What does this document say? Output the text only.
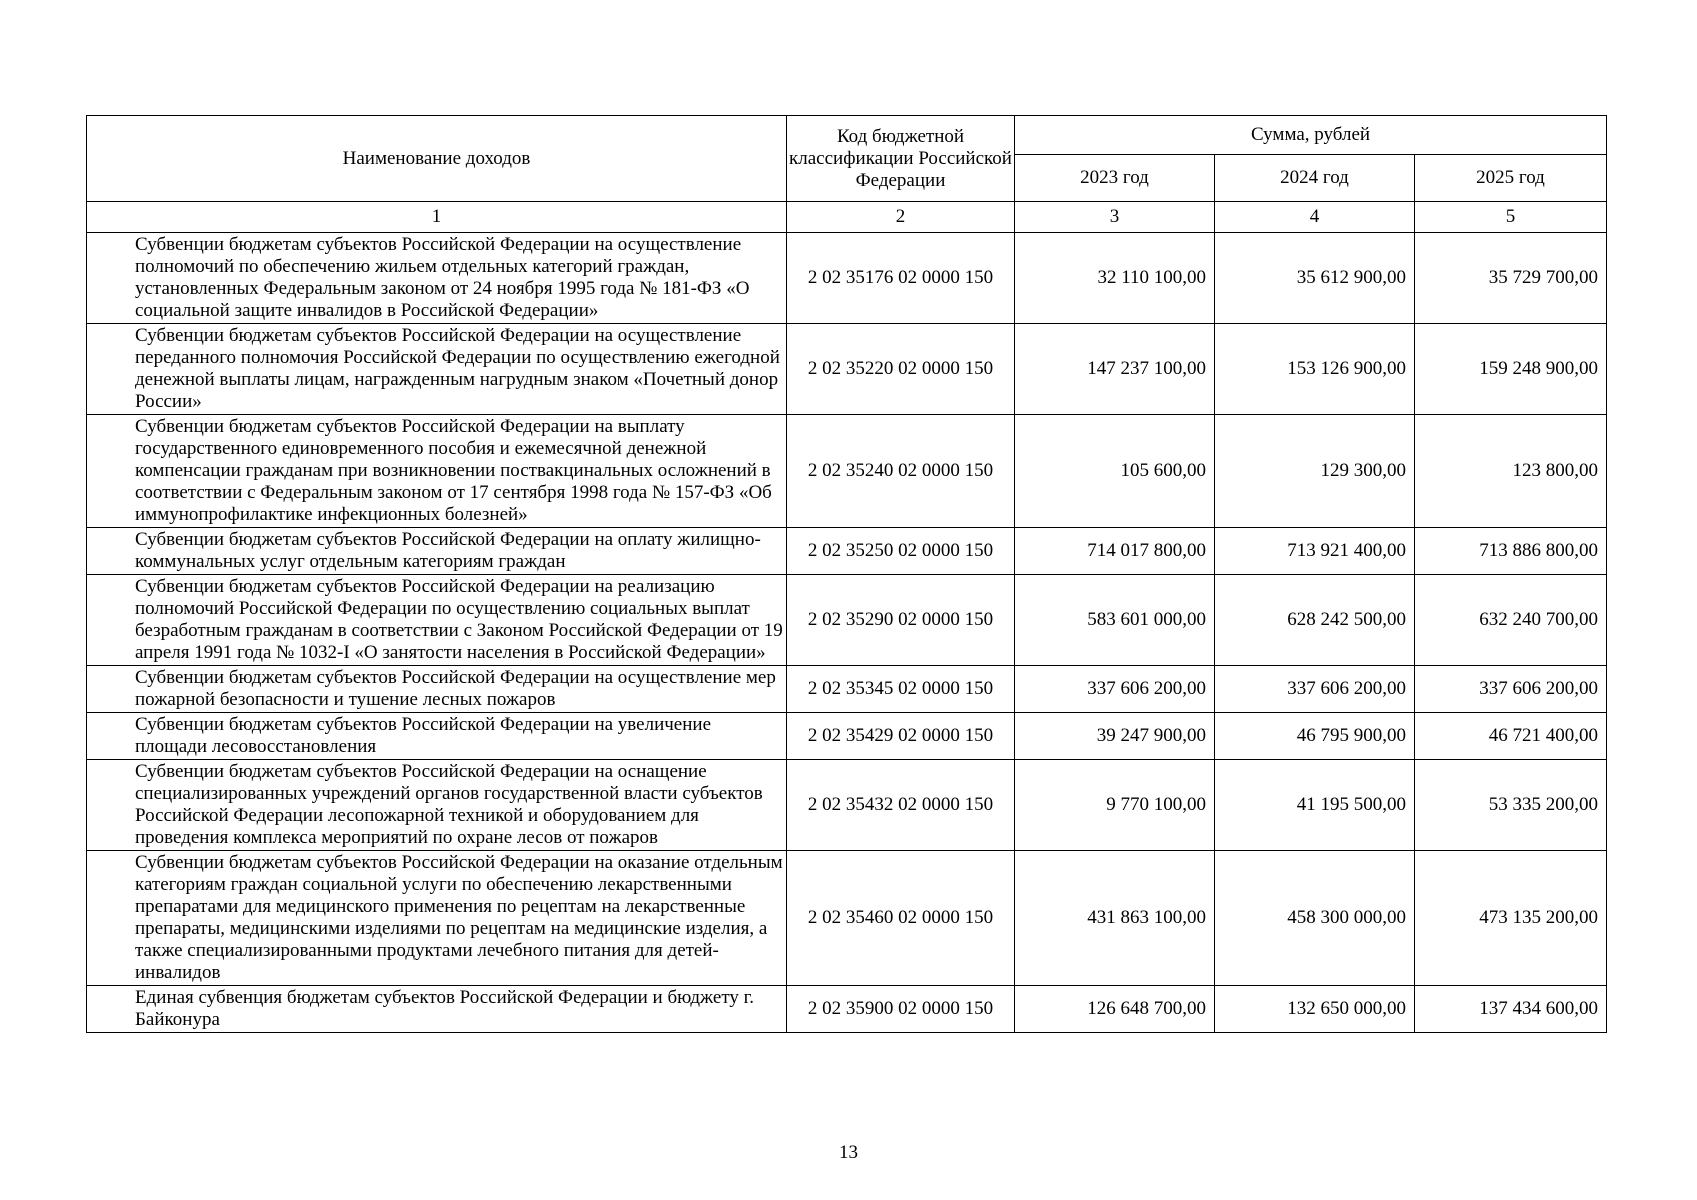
Наименование доходов	Код бюджетной классификации Российской Федерации	Сумма, рублей		
		2023 год	2024 год	2025 год
1	2	3	4	5
Субвенции бюджетам субъектов Российской Федерации на осуществление полномочий по обеспечению жильем отдельных категорий граждан, установленных Федеральным законом от 24 ноября 1995 года № 181-ФЗ «О социальной защите инвалидов в Российской Федерации»	2 02 35176 02 0000 150	32 110 100,00	35 612 900,00	35 729 700,00
Субвенции бюджетам субъектов Российской Федерации на осуществление переданного полномочия Российской Федерации по осуществлению ежегодной денежной выплаты лицам, награжденным нагрудным знаком «Почетный донор России»	2 02 35220 02 0000 150	147 237 100,00	153 126 900,00	159 248 900,00
Субвенции бюджетам субъектов Российской Федерации на выплату государственного единовременного пособия и ежемесячной денежной компенсации гражданам при возникновении поствакцинальных осложнений в соответствии с Федеральным законом от 17 сентября 1998 года № 157-ФЗ «Об иммунопрофилактике инфекционных болезней»	2 02 35240 02 0000 150	105 600,00	129 300,00	123 800,00
Субвенции бюджетам субъектов Российской Федерации на оплату жилищно-коммунальных услуг отдельным категориям граждан	2 02 35250 02 0000 150	714 017 800,00	713 921 400,00	713 886 800,00
Субвенции бюджетам субъектов Российской Федерации на реализацию полномочий Российской Федерации по осуществлению социальных выплат безработным гражданам в соответствии с Законом Российской Федерации от 19 апреля 1991 года № 1032-I «О занятости населения в Российской Федерации»	2 02 35290 02 0000 150	583 601 000,00	628 242 500,00	632 240 700,00
Субвенции бюджетам субъектов Российской Федерации на осуществление мер пожарной безопасности и тушение лесных пожаров	2 02 35345 02 0000 150	337 606 200,00	337 606 200,00	337 606 200,00
Субвенции бюджетам субъектов Российской Федерации на увеличение площади лесовосстановления	2 02 35429 02 0000 150	39 247 900,00	46 795 900,00	46 721 400,00
Субвенции бюджетам субъектов Российской Федерации на оснащение специализированных учреждений органов государственной власти субъектов Российской Федерации лесопожарной техникой и оборудованием для проведения комплекса мероприятий по охране лесов от пожаров	2 02 35432 02 0000 150	9 770 100,00	41 195 500,00	53 335 200,00
Субвенции бюджетам субъектов Российской Федерации на оказание отдельным категориям граждан социальной услуги по обеспечению лекарственными препаратами для медицинского применения по рецептам на лекарственные препараты, медицинскими изделиями по рецептам на медицинские изделия, а также специализированными продуктами лечебного питания для детей-инвалидов	2 02 35460 02 0000 150	431 863 100,00	458 300 000,00	473 135 200,00
Единая субвенция бюджетам субъектов Российской Федерации и бюджету г. Байконура	2 02 35900 02 0000 150	126 648 700,00	132 650 000,00	137 434 600,00
13
